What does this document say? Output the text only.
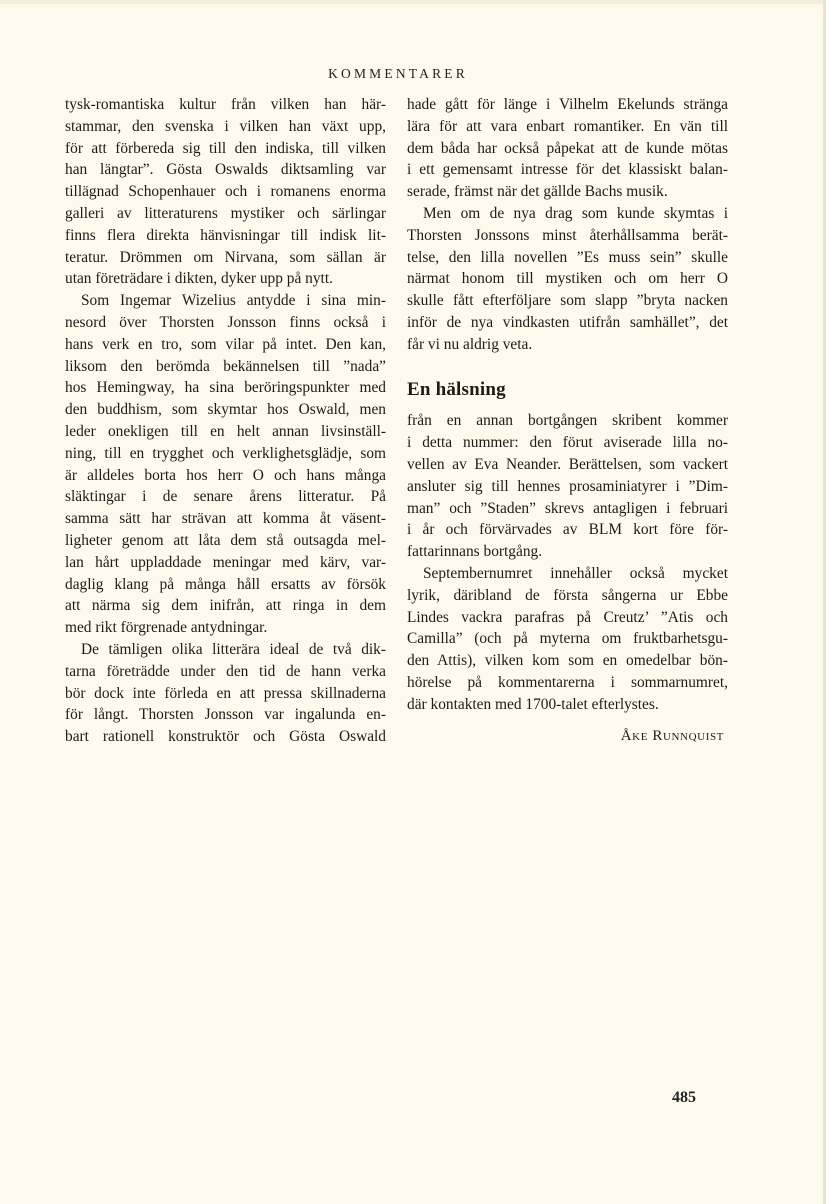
KOMMENTARER
tysk-romantiska kultur från vilken han här-
stammar, den svenska i vilken han växt upp,
för att förbereda sig till den indiska, till vilken
han längtar”. Gösta Oswalds diktsamling var
tillägnad Schopenhauer och i romanens enorma
galleri av litteraturens mystiker och särlingar
finns flera direkta hänvisningar till indisk lit-
teratur. Drömmen om Nirvana, som sällan är
utan företrädare i dikten, dyker upp på nytt.
Som Ingemar Wizelius antydde i sina min-
nesord över Thorsten Jonsson finns också i
hans verk en tro, som vilar på intet. Den kan,
liksom den berömda bekännelsen till ”nada”
hos Hemingway, ha sina beröringspunkter med
den buddhism, som skymtar hos Oswald, men
leder onekligen till en helt annan livsinställ-
ning, till en trygghet och verklighetsglädje, som
är alldeles borta hos herr O och hans många
släktingar i de senare årens litteratur. På
samma sätt har strävan att komma åt väsent-
ligheter genom att låta dem stå outsagda mel-
lan hårt uppladdade meningar med kärv, var-
daglig klang på många håll ersatts av försök
att närma sig dem inifrån, att ringa in dem
med rikt förgrenade antydningar.
De tämligen olika litterära ideal de två dik-
tarna företrädde under den tid de hann verka
bör dock inte förleda en att pressa skillnaderna
för långt. Thorsten Jonsson var ingalunda en-
bart rationell konstruktör och Gösta Oswald
hade gått för länge i Vilhelm Ekelunds stränga
lära för att vara enbart romantiker. En vän till
dem båda har också påpekat att de kunde mötas
i ett gemensamt intresse för det klassiskt balan-
serade, främst när det gällde Bachs musik.
Men om de nya drag som kunde skymtas i
Thorsten Jonssons minst återhållsamma berät-
telse, den lilla novellen ”Es muss sein” skulle
närmat honom till mystiken och om herr O
skulle fått efterföljare som slapp ”bryta nacken
inför de nya vindkasten utifrån samhället”, det
får vi nu aldrig veta.
En hälsning
från en annan bortgången skribent kommer
i detta nummer: den förut aviserade lilla no-
vellen av Eva Neander. Berättelsen, som vackert
ansluter sig till hennes prosaminiatyrer i ”Dim-
man” och ”Staden” skrevs antagligen i februari
i år och förvärvades av BLM kort före för-
fattarinnans bortgång.
Septembernumret innehåller också mycket
lyrik, däribland de första sångerna ur Ebbe
Lindes vackra parafras på Creutz’ ”Atis och
Camilla” (och på myterna om fruktbarhetsgu-
den Attis), vilken kom som en omedelbar bön-
hörelse på kommentarerna i sommarnumret,
där kontakten med 1700-talet efterlystes.
Åke Runnquist
485
